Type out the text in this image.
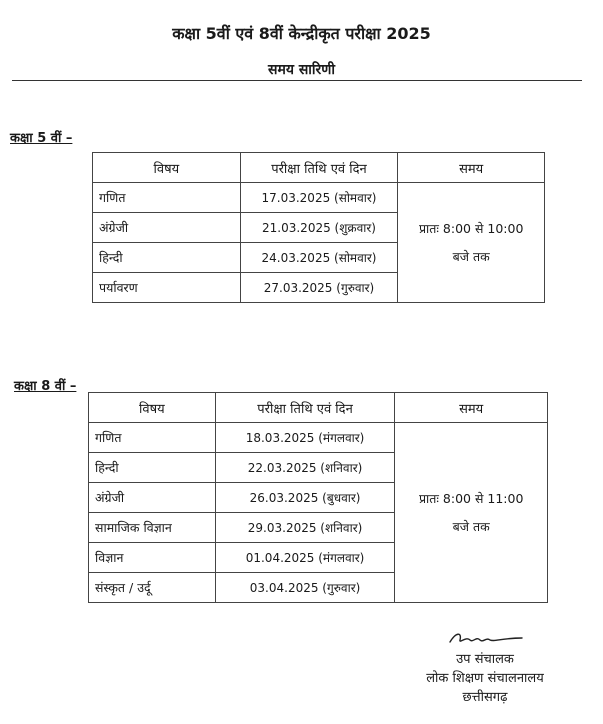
कक्षा 5वीं एवं 8वीं केन्द्रीकृत परीक्षा 2025
समय सारिणी
कक्षा 5 वीं –
विषय	परीक्षा तिथि एवं दिन	समय
गणित	17.03.2025 (सोमवार)	प्रातः 8:00 से 10:00
बजे तक

अंग्रेजी	21.03.2025 (शुक्रवार)	
हिन्दी	24.03.2025 (सोमवार)	
पर्यावरण	27.03.2025 (गुरुवार)	
कक्षा 8 वीं –
विषय	परीक्षा तिथि एवं दिन	समय
गणित	18.03.2025 (मंगलवार)	प्रातः 8:00 से 11:00
बजे तक

हिन्दी	22.03.2025 (शनिवार)	
अंग्रेजी	26.03.2025 (बुधवार)	
सामाजिक विज्ञान	29.03.2025 (शनिवार)	
विज्ञान	01.04.2025 (मंगलवार)	
संस्कृत / उर्दू	03.04.2025 (गुरुवार)	
उप संचालक
लोक शिक्षण संचालनालय
छत्तीसगढ़
